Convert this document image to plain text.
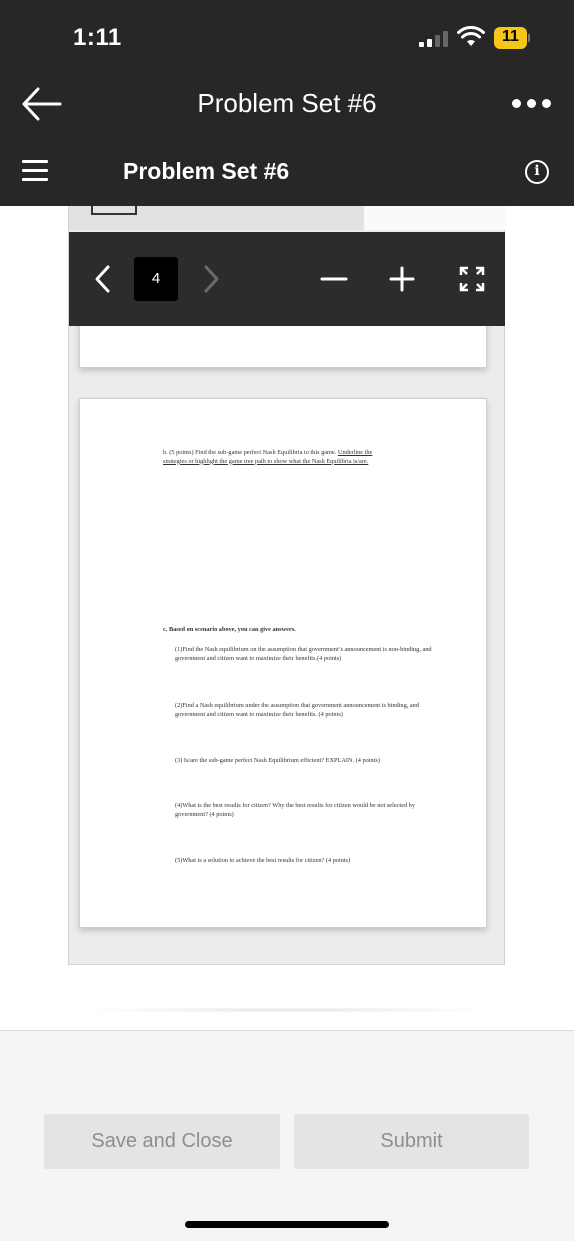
1:11	11
Problem Set #6
Problem Set #6	i
4
b. (5 points) Find the sub-game perfect Nash Equilibria to this game. Underline the
strategies or highlight the game tree path to show what the Nash Equilibria is/are.
c. Based on scenario above, you can give answers.
(1)Find the Nash equilibrium on the assumption that government’s announcement is non-binding, and government and citizen want to maximize their benefits.(4 points)
(2)Find a Nash equilibrium under the assumption that government announcement is binding, and government and citizen want to maximize their benefits. (4 points)
(3) Is/are the sub-game perfect Nash Equilibrium efficient? EXPLAIN. (4 points)
(4)What is the best results for citizen? Why the best results for citizen would be not selected by government? (4 points)
(5)What is a solution to achieve the best results for citizen? (4 points)
Save and Close	Submit
